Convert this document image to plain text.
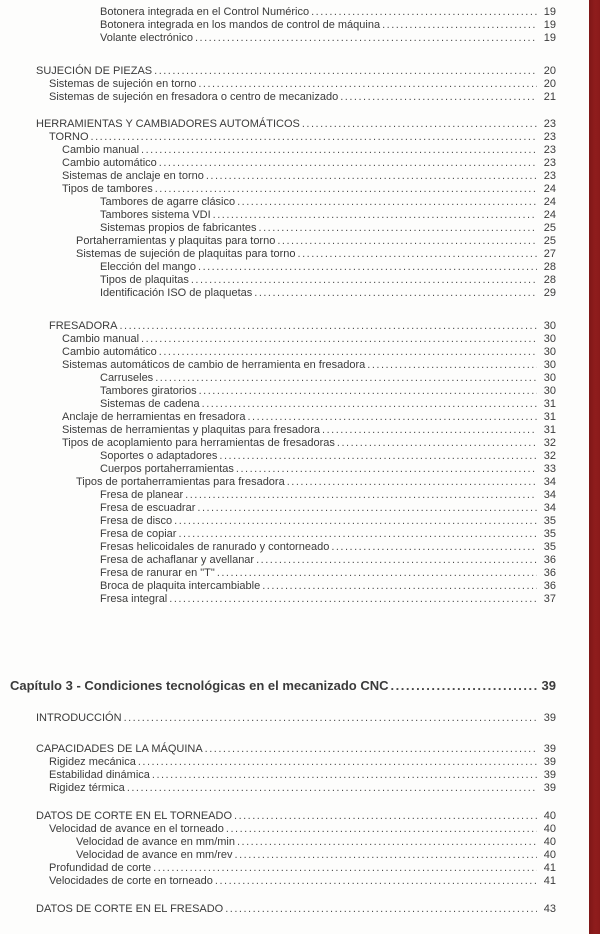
Botonera integrada en el Control Numérico .....	19
Botonera integrada en los mandos de control de máquina .....	19
Volante electrónico .....	19
SUJECIÓN DE PIEZAS .....	20
Sistemas de sujeción en torno .....	20
Sistemas de sujeción en fresadora o centro de mecanizado .....	21
HERRAMIENTAS Y CAMBIADORES AUTOMÁTICOS .....	23
TORNO .....	23
Cambio manual .....	23
Cambio automático .....	23
Sistemas de anclaje en torno .....	23
Tipos de tambores .....	24
Tambores de agarre clásico .....	24
Tambores sistema VDI .....	24
Sistemas propios de fabricantes .....	25
Portaherramientas y plaquitas para torno .....	25
Sistemas de sujeción de plaquitas para torno .....	27
Elección del mango .....	28
Tipos de plaquitas .....	28
Identificación ISO de plaquetas .....	29
FRESADORA .....	30
Cambio manual .....	30
Cambio automático .....	30
Sistemas automáticos de cambio de herramienta en fresadora .....	30
Carruseles .....	30
Tambores giratorios .....	30
Sistemas de cadena .....	31
Anclaje de herramientas en fresadora .....	31
Sistemas de herramientas y plaquitas para fresadora .....	31
Tipos de acoplamiento para herramientas de fresadoras .....	32
Soportes o adaptadores .....	32
Cuerpos portaherramientas .....	33
Tipos de portaherramientas para fresadora .....	34
Fresa de planear .....	34
Fresa de escuadrar .....	34
Fresa de disco .....	35
Fresa de copiar .....	35
Fresas helicoidales de ranurado y contorneado .....	35
Fresa de achaflanar y avellanar .....	36
Fresa de ranurar en "T" .....	36
Broca de plaquita intercambiable .....	36
Fresa integral .....	37
Capítulo 3 - Condiciones tecnológicas en el mecanizado CNC .....	39
INTRODUCCIÓN .....	39
CAPACIDADES DE LA MÁQUINA .....	39
Rigidez mecánica .....	39
Estabilidad dinámica .....	39
Rigidez térmica .....	39
DATOS DE CORTE EN EL TORNEADO .....	40
Velocidad de avance en el torneado .....	40
Velocidad de avance en mm/min .....	40
Velocidad de avance en mm/rev .....	40
Profundidad de corte .....	41
Velocidades de corte en torneado .....	41
DATOS DE CORTE EN EL FRESADO .....	43
